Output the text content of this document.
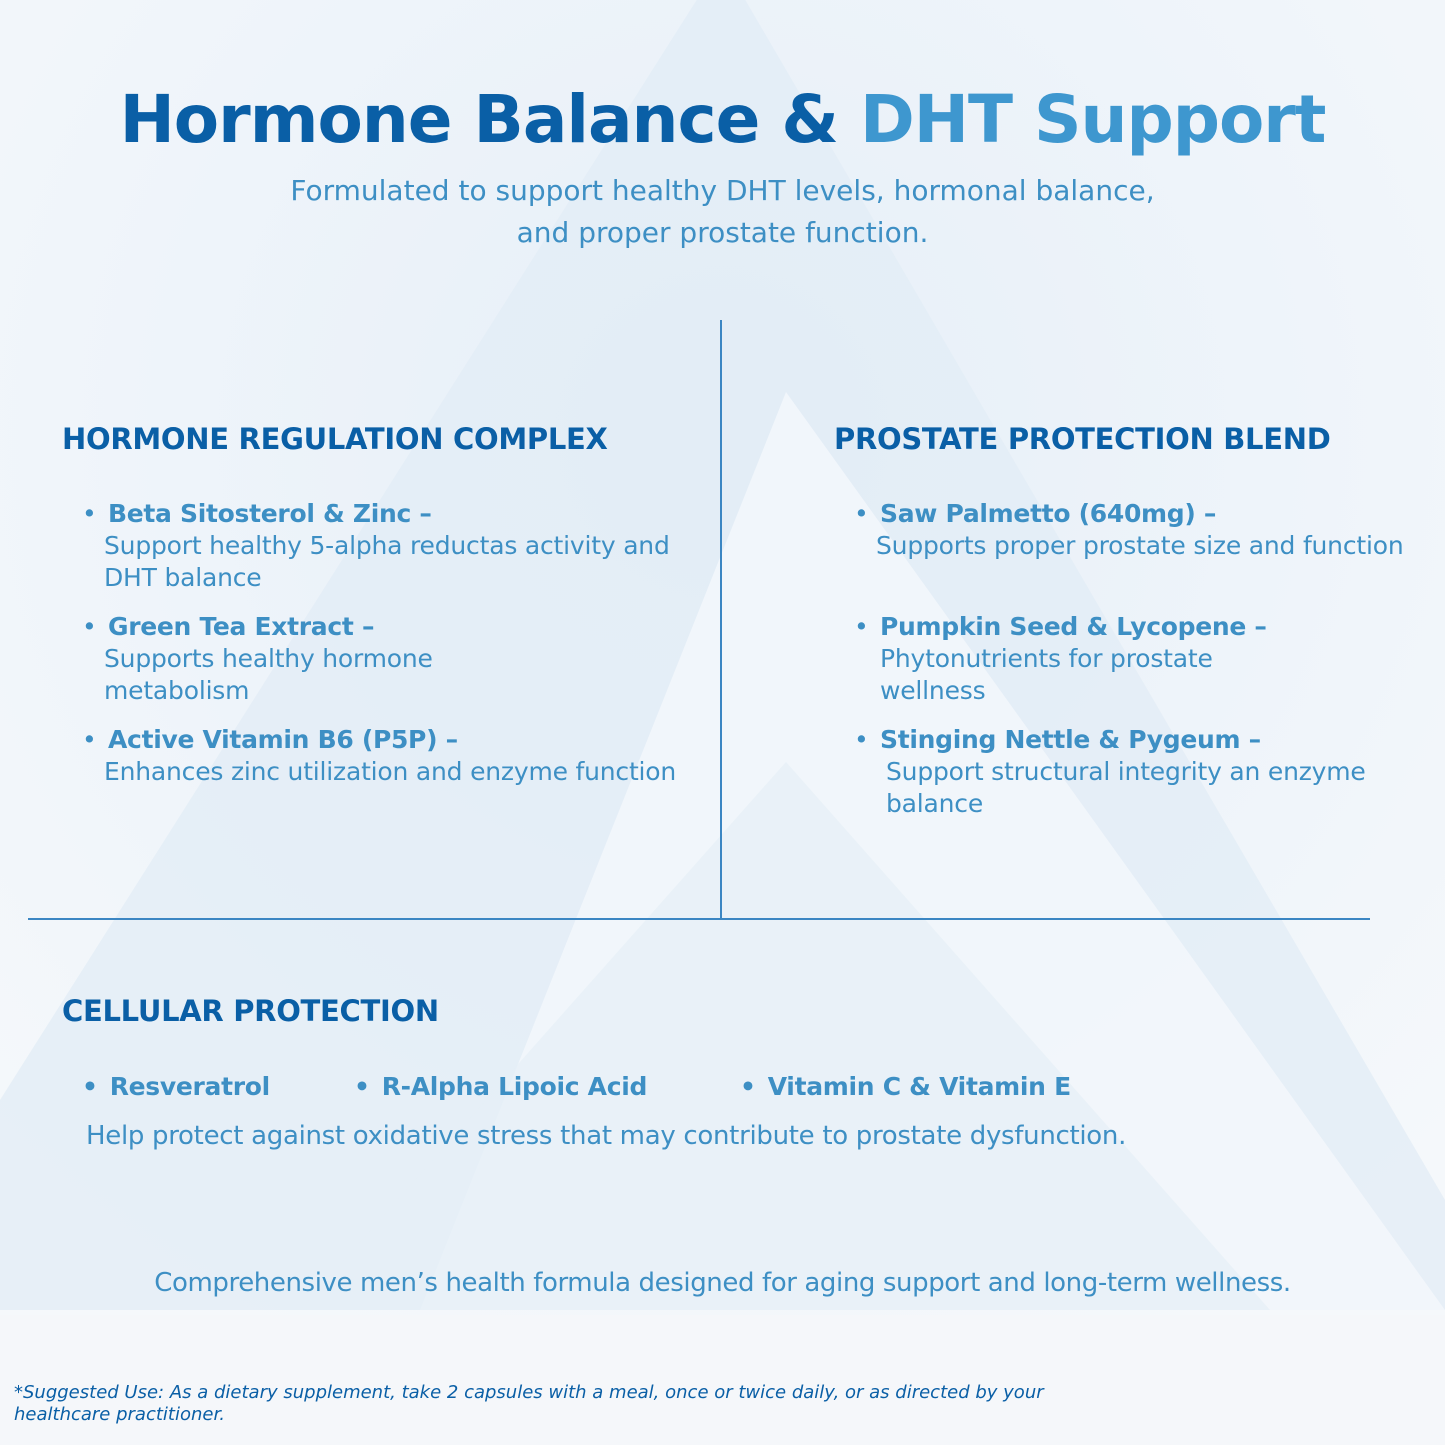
Hormone Balance & DHT Support

Formulated to support healthy DHT levels, hormonal balance,
and proper prostate function.

HORMONE REGULATION COMPLEX
• Beta Sitosterol & Zinc –
Support healthy 5-alpha reductas activity and DHT balance
• Green Tea Extract –
Supports healthy hormone metabolism
• Active Vitamin B6 (P5P) –
Enhances zinc utilization and enzyme function
PROSTATE PROTECTION BLEND
• Saw Palmetto (640mg) –
Supports proper prostate size and function
• Pumpkin Seed & Lycopene –
Phytonutrients for prostate wellness
• Stinging Nettle & Pygeum –
Support structural integrity an enzyme balance
CELLULAR PROTECTION
• Resveratrol	• R-Alpha Lipoic Acid	• Vitamin C & Vitamin E

Help protect against oxidative stress that may contribute to prostate dysfunction.

Comprehensive men’s health formula designed for aging support and long-term wellness.

*Suggested Use: As a dietary supplement, take 2 capsules with a meal, once or twice daily, or as directed by your healthcare practitioner.
